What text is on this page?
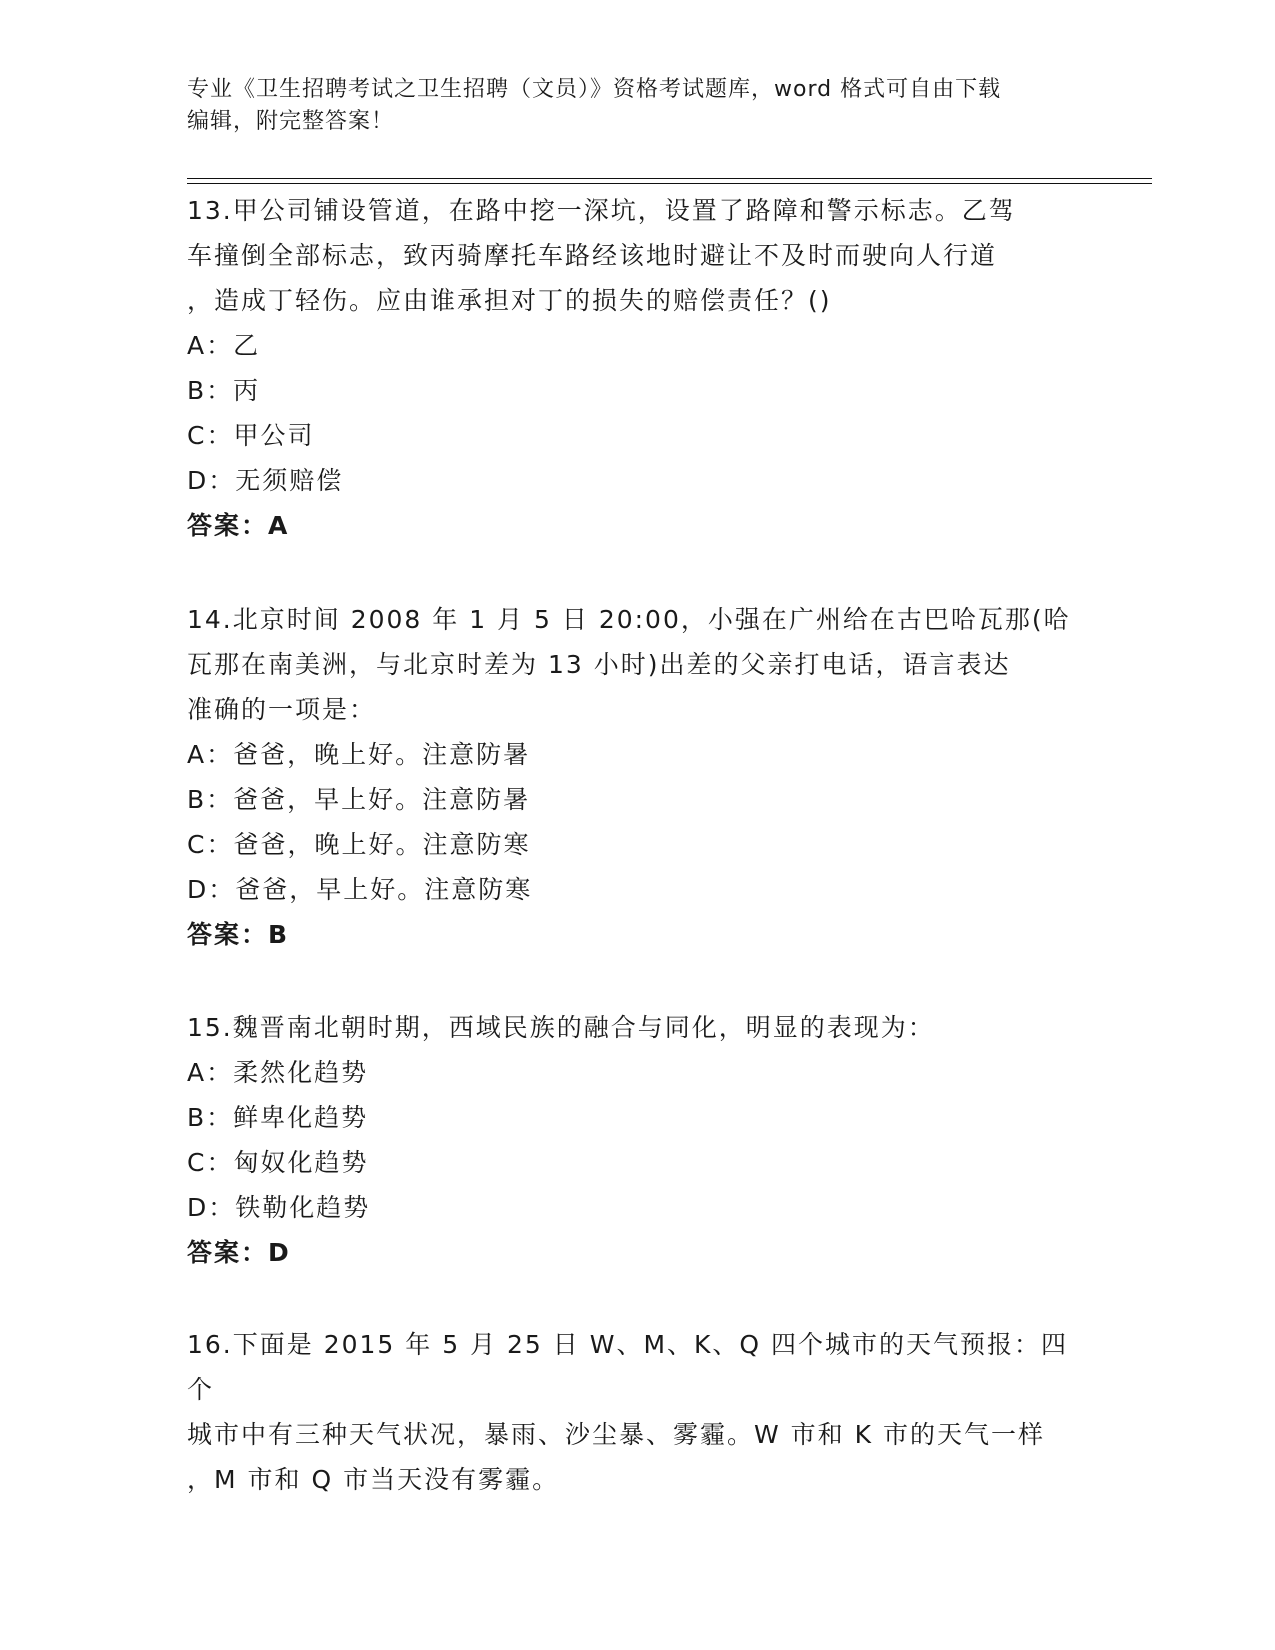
专业《卫生招聘考试之卫生招聘（文员）》资格考试题库，word 格式可自由下载
编辑，附完整答案！
13.甲公司铺设管道，在路中挖一深坑，设置了路障和警示标志。乙驾
车撞倒全部标志，致丙骑摩托车路经该地时避让不及时而驶向人行道
，造成丁轻伤。应由谁承担对丁的损失的赔偿责任？()
A：乙
B：丙
C：甲公司
D：无须赔偿
答案：A
14.北京时间 2008 年 1 月 5 日 20:00，小强在广州给在古巴哈瓦那(哈
瓦那在南美洲，与北京时差为 13 小时)出差的父亲打电话，语言表达
准确的一项是：
A：爸爸，晚上好。注意防暑
B：爸爸，早上好。注意防暑
C：爸爸，晚上好。注意防寒
D：爸爸，早上好。注意防寒
答案：B
15.魏晋南北朝时期，西域民族的融合与同化，明显的表现为：
A：柔然化趋势
B：鲜卑化趋势
C：匈奴化趋势
D：铁勒化趋势
答案：D
16.下面是 2015 年 5 月 25 日 W、M、K、Q 四个城市的天气预报：四个
城市中有三种天气状况，暴雨、沙尘暴、雾霾。W 市和 K 市的天气一样
，M 市和 Q 市当天没有雾霾。
